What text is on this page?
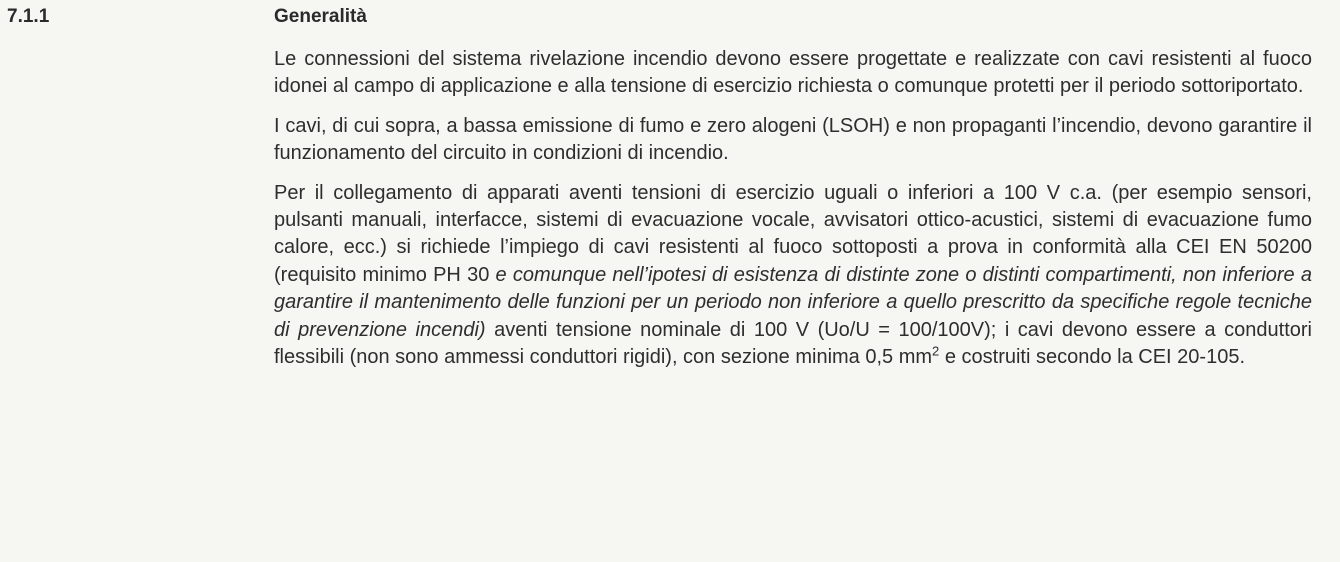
7.1.1	Generalità

Le connessioni del sistema rivelazione incendio devono essere progettate e realizzate con cavi resistenti al fuoco idonei al campo di applicazione e alla tensione di esercizio richiesta o comunque protetti per il periodo sottoriportato.

I cavi, di cui sopra, a bassa emissione di fumo e zero alogeni (LSOH) e non propaganti l’incendio, devono garantire il funzionamento del circuito in condizioni di incendio.

Per il collegamento di apparati aventi tensioni di esercizio uguali o inferiori a 100 V c.a. (per esempio sensori, pulsanti manuali, interfacce, sistemi di evacuazione vocale, avvisatori ottico-acustici, sistemi di evacuazione fumo calore, ecc.) si richiede l’impiego di cavi resistenti al fuoco sottoposti a prova in conformità alla CEI EN 50200 (requisito minimo PH 30 e comunque nell’ipotesi di esistenza di distinte zone o distinti compartimenti, non inferiore a garantire il mantenimento delle funzioni per un periodo non inferiore a quello prescritto da specifiche regole tecniche di prevenzione incendi) aventi tensione nominale di 100 V (Uo/U = 100/100V); i cavi devono essere a conduttori flessibili (non sono ammessi conduttori rigidi), con sezione minima 0,5 $mm^2$ e costruiti secondo la CEI 20-105.
